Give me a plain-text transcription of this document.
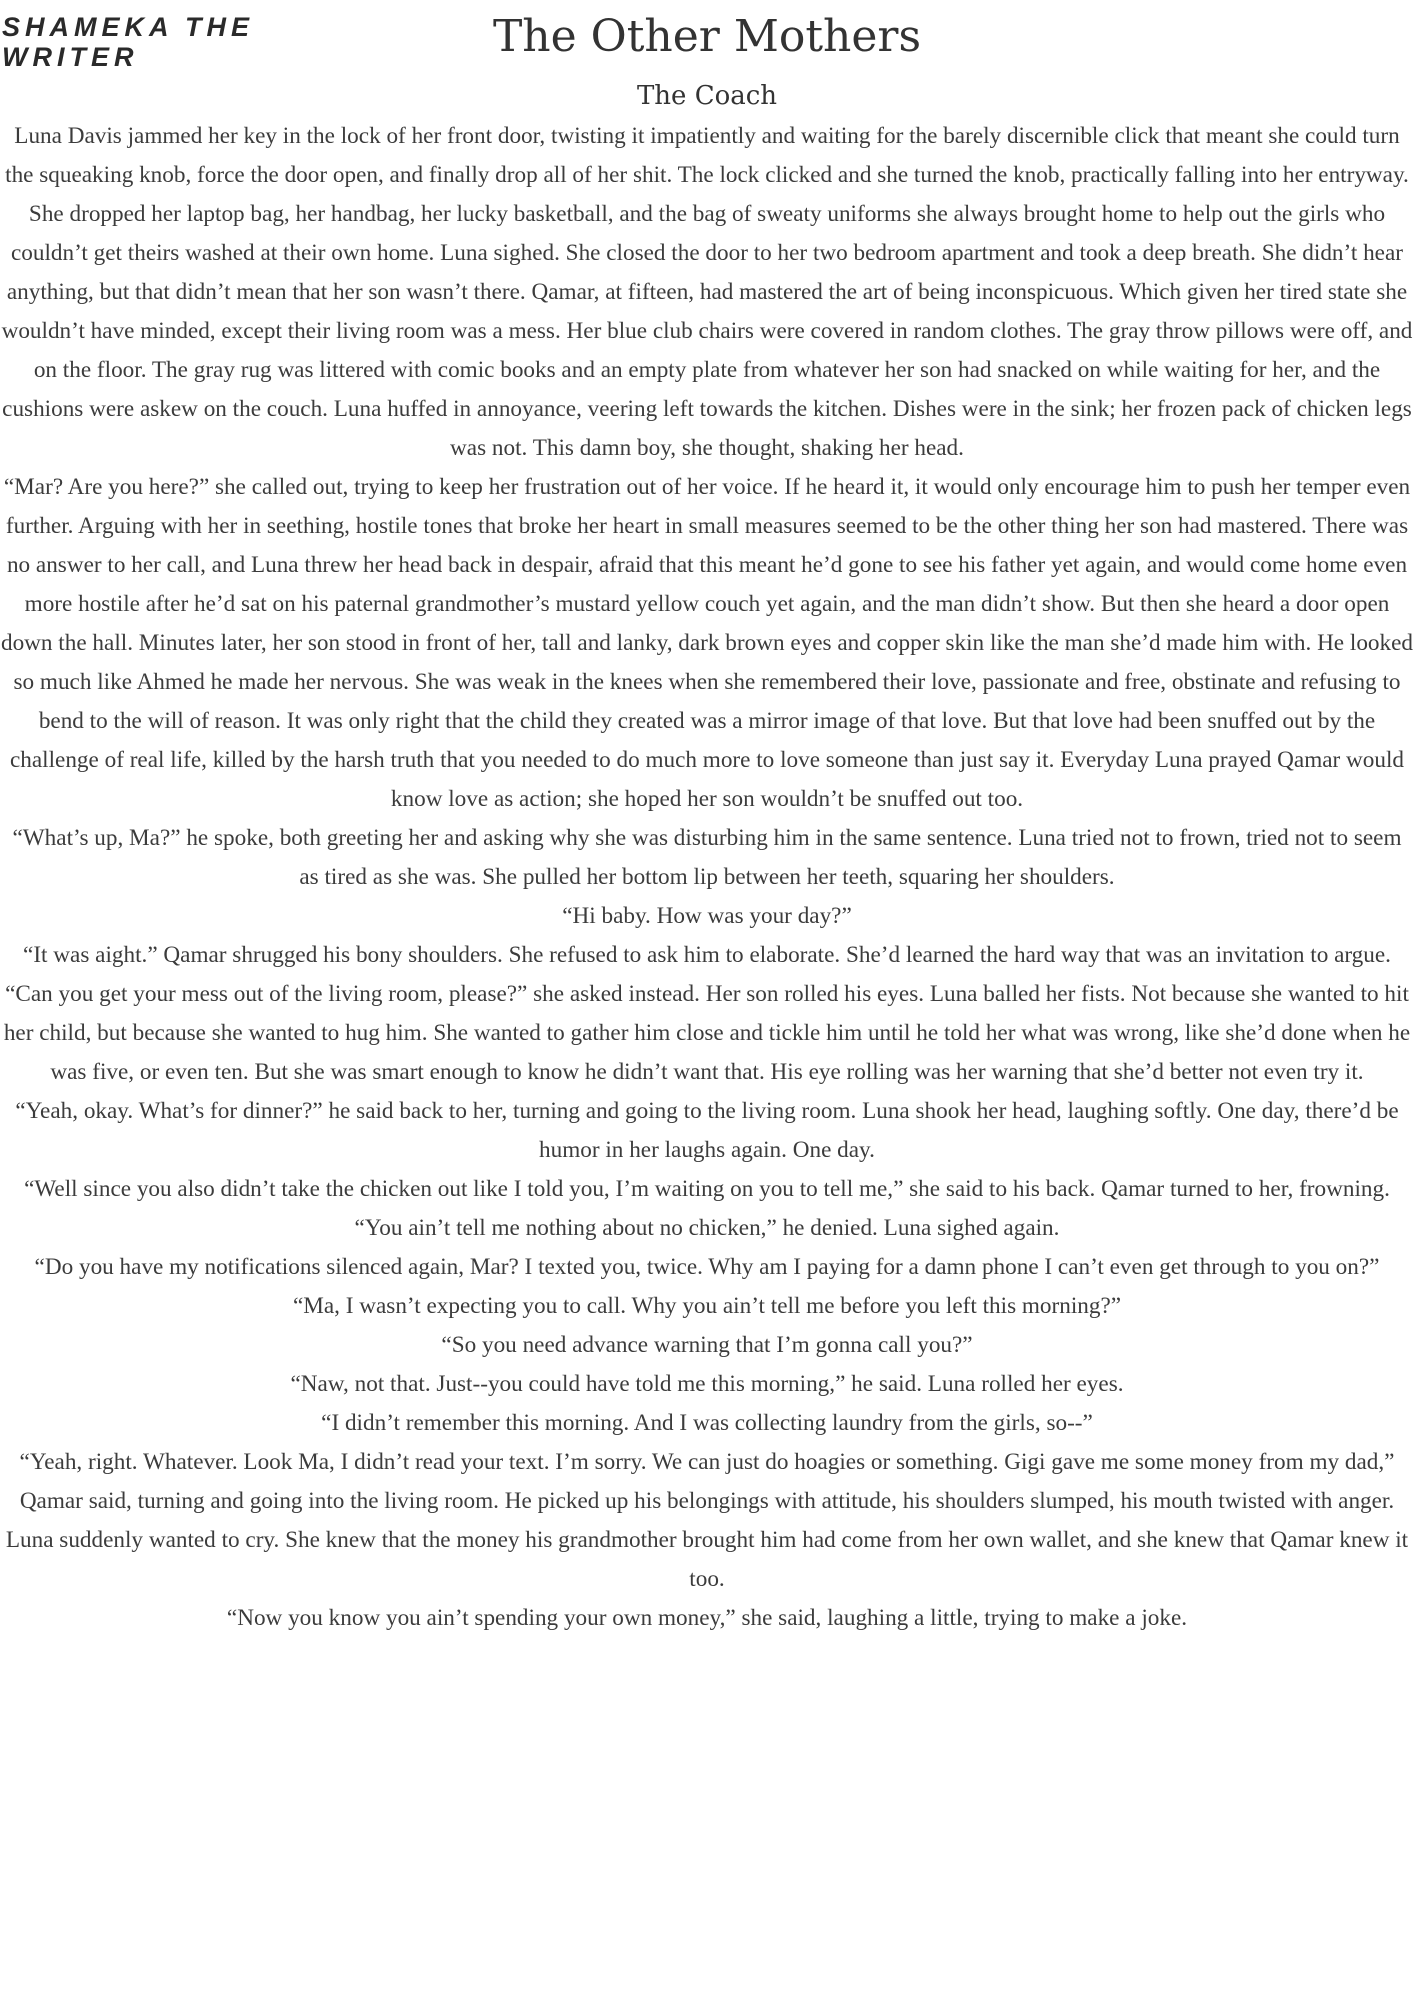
SHAMEKA THE WRITER	The Other Mothers
The Coach

Luna Davis jammed her key in the lock of her front door, twisting it impatiently and waiting for the barely discernible click that meant she could turn the squeaking knob, force the door open, and finally drop all of her shit. The lock clicked and she turned the knob, practically falling into her entryway. She dropped her laptop bag, her handbag, her lucky basketball, and the bag of sweaty uniforms she always brought home to help out the girls who couldn’t get theirs washed at their own home. Luna sighed. She closed the door to her two bedroom apartment and took a deep breath. She didn’t hear anything, but that didn’t mean that her son wasn’t there. Qamar, at fifteen, had mastered the art of being inconspicuous. Which given her tired state she wouldn’t have minded, except their living room was a mess. Her blue club chairs were covered in random clothes. The gray throw pillows were off, and on the floor. The gray rug was littered with comic books and an empty plate from whatever her son had snacked on while waiting for her, and the cushions were askew on the couch. Luna huffed in annoyance, veering left towards the kitchen. Dishes were in the sink; her frozen pack of chicken legs was not. This damn boy, she thought, shaking her head.

“Mar? Are you here?” she called out, trying to keep her frustration out of her voice. If he heard it, it would only encourage him to push her temper even further. Arguing with her in seething, hostile tones that broke her heart in small measures seemed to be the other thing her son had mastered. There was no answer to her call, and Luna threw her head back in despair, afraid that this meant he’d gone to see his father yet again, and would come home even more hostile after he’d sat on his paternal grandmother’s mustard yellow couch yet again, and the man didn’t show. But then she heard a door open down the hall. Minutes later, her son stood in front of her, tall and lanky, dark brown eyes and copper skin like the man she’d made him with. He looked so much like Ahmed he made her nervous. She was weak in the knees when she remembered their love, passionate and free, obstinate and refusing to bend to the will of reason. It was only right that the child they created was a mirror image of that love. But that love had been snuffed out by the challenge of real life, killed by the harsh truth that you needed to do much more to love someone than just say it. Everyday Luna prayed Qamar would know love as action; she hoped her son wouldn’t be snuffed out too.

“What’s up, Ma?” he spoke, both greeting her and asking why she was disturbing him in the same sentence. Luna tried not to frown, tried not to seem as tired as she was. She pulled her bottom lip between her teeth, squaring her shoulders.

“Hi baby. How was your day?”

“It was aight.” Qamar shrugged his bony shoulders. She refused to ask him to elaborate. She’d learned the hard way that was an invitation to argue.

“Can you get your mess out of the living room, please?” she asked instead. Her son rolled his eyes. Luna balled her fists. Not because she wanted to hit her child, but because she wanted to hug him. She wanted to gather him close and tickle him until he told her what was wrong, like she’d done when he was five, or even ten. But she was smart enough to know he didn’t want that. His eye rolling was her warning that she’d better not even try it.

“Yeah, okay. What’s for dinner?” he said back to her, turning and going to the living room. Luna shook her head, laughing softly. One day, there’d be humor in her laughs again. One day.

“Well since you also didn’t take the chicken out like I told you, I’m waiting on you to tell me,” she said to his back. Qamar turned to her, frowning.

“You ain’t tell me nothing about no chicken,” he denied. Luna sighed again.

“Do you have my notifications silenced again, Mar? I texted you, twice. Why am I paying for a damn phone I can’t even get through to you on?”

“Ma, I wasn’t expecting you to call. Why you ain’t tell me before you left this morning?”

“So you need advance warning that I’m gonna call you?”

“Naw, not that. Just--you could have told me this morning,” he said. Luna rolled her eyes.

“I didn’t remember this morning. And I was collecting laundry from the girls, so--”

“Yeah, right. Whatever. Look Ma, I didn’t read your text. I’m sorry. We can just do hoagies or something. Gigi gave me some money from my dad,” Qamar said, turning and going into the living room. He picked up his belongings with attitude, his shoulders slumped, his mouth twisted with anger. Luna suddenly wanted to cry. She knew that the money his grandmother brought him had come from her own wallet, and she knew that Qamar knew it too.

“Now you know you ain’t spending your own money,” she said, laughing a little, trying to make a joke.
